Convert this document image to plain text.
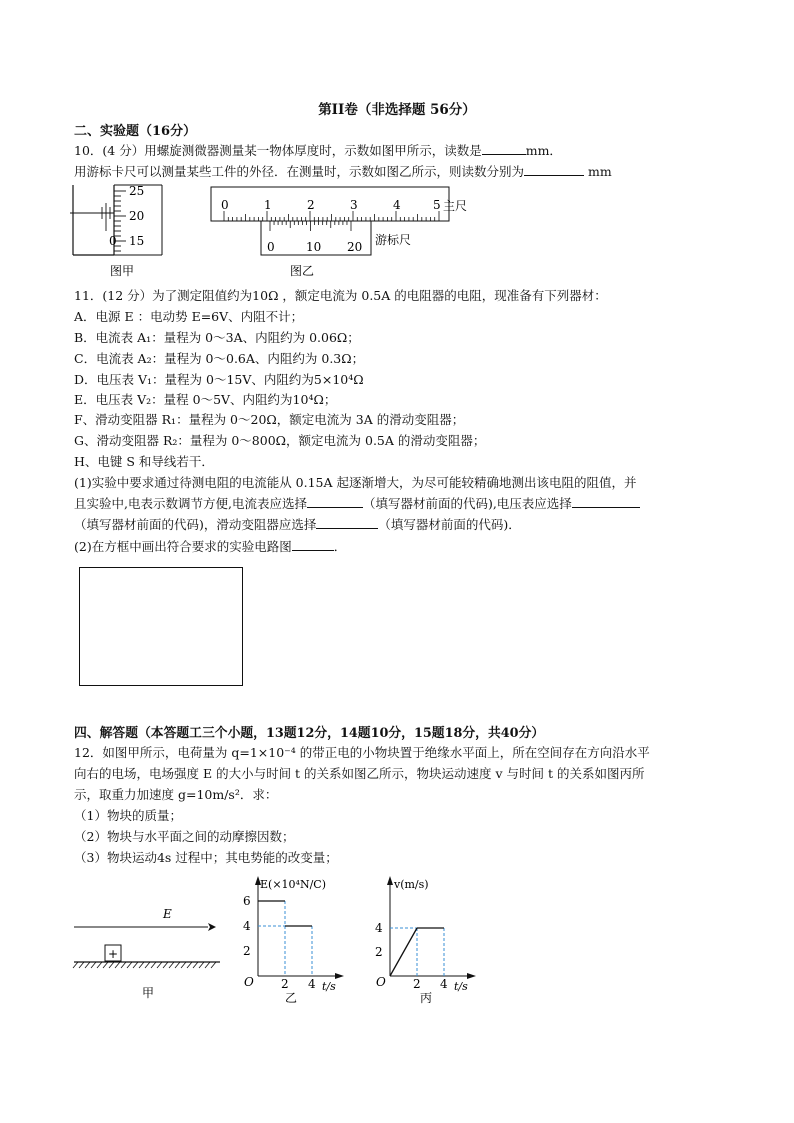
第II卷（非选择题 56分）
二、实验题（16分）
10．(4 分）用螺旋测微器测量某一物体厚度时，示数如图甲所示，读数是	mm．
用游标卡尺可以测量某些工件的外径．在测量时，示数如图乙所示，则读数分别为	mm
25
20
15
0
图甲
0	1	2	3	4	5 主尺
0	10 20 游标尺
图乙
11．(12 分）为了测定阻值约为10Ω ，额定电流为 0.5A 的电阻器的电阻，现准备有下列器材：
A．电源 E ：电动势 E=6V、内阻不计；
B．电流表 A₁：量程为 0～3A、内阻约为 0.06Ω；
C．电流表 A₂：量程为 0～0.6A、内阻约为 0.3Ω；
D．电压表 V₁：量程为 0～15V、内阻约为5×10⁴Ω
E．电压表 V₂：量程 0～5V、内阻约为10⁴Ω；
F、滑动变阻器 R₁：量程为 0～20Ω，额定电流为 3A 的滑动变阻器；
G、滑动变阻器 R₂：量程为 0～800Ω，额定电流为 0.5A 的滑动变阻器；
H、电键 S 和导线若干．
(1)实验中要求通过待测电阻的电流能从 0.15A 起逐渐增大，为尽可能较精确地测出该电阻的阻值，并
且实验中,电表示数调节方便,电流表应选择	（填写器材前面的代码),电压表应选择
（填写器材前面的代码)，滑动变阻器应选择	（填写器材前面的代码)．
(2)在方框中画出符合要求的实验电路图	．
四、解答题（本答题工三个小题，13题12分，14题10分，15题18分，共40分）
12．如图甲所示，电荷量为 q=1×10⁻⁴ 的带正电的小物块置于绝缘水平面上，所在空间存在方向沿水平
向右的电场，电场强度 E 的大小与时间 t 的关系如图乙所示，物块运动速度 v 与时间 t 的关系如图丙所
示，取重力加速度 g=10m/s²．求：
（1）物块的质量；
（2）物块与水平面之间的动摩擦因数；
（3）物块运动4s 过程中；其电势能的改变量；
E
+
甲
E(×10⁴N/C)
t/s
O
6
4
2
2 4
乙
v(m/s)
t/s
O
4
2
2 4
丙
